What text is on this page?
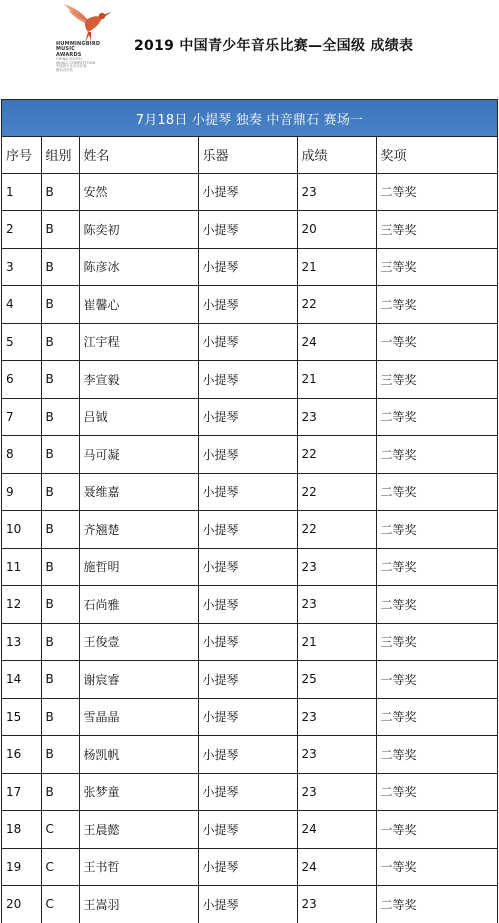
HUMMINGBIRD
MUSIC
AWARDS
CHINA YOUTH
MUSIC COMPETITION
中国青少年音乐比赛
蜂鸟音乐奖
2019 中国青少年音乐比赛—全国级 成绩表
7月18日 小提琴 独奏 中音鼎石 赛场一
序号	组别	姓名	乐器	成绩	奖项
1	B	安然	小提琴	23	二等奖
2	B	陈奕初	小提琴	20	三等奖
3	B	陈彦冰	小提琴	21	三等奖
4	B	崔馨心	小提琴	22	二等奖
5	B	江宇程	小提琴	24	一等奖
6	B	李宣毅	小提琴	21	三等奖
7	B	吕钺	小提琴	23	二等奖
8	B	马可凝	小提琴	22	二等奖
9	B	聂维嘉	小提琴	22	二等奖
10	B	齐翘楚	小提琴	22	二等奖
11	B	施哲明	小提琴	23	二等奖
12	B	石尚雅	小提琴	23	二等奖
13	B	王俊壹	小提琴	21	三等奖
14	B	谢宸睿	小提琴	25	一等奖
15	B	雪晶晶	小提琴	23	二等奖
16	B	杨凯帆	小提琴	23	二等奖
17	B	张梦童	小提琴	23	二等奖
18	C	王晨懿	小提琴	24	一等奖
19	C	王书哲	小提琴	24	一等奖
20	C	王嵩羽	小提琴	23	二等奖
